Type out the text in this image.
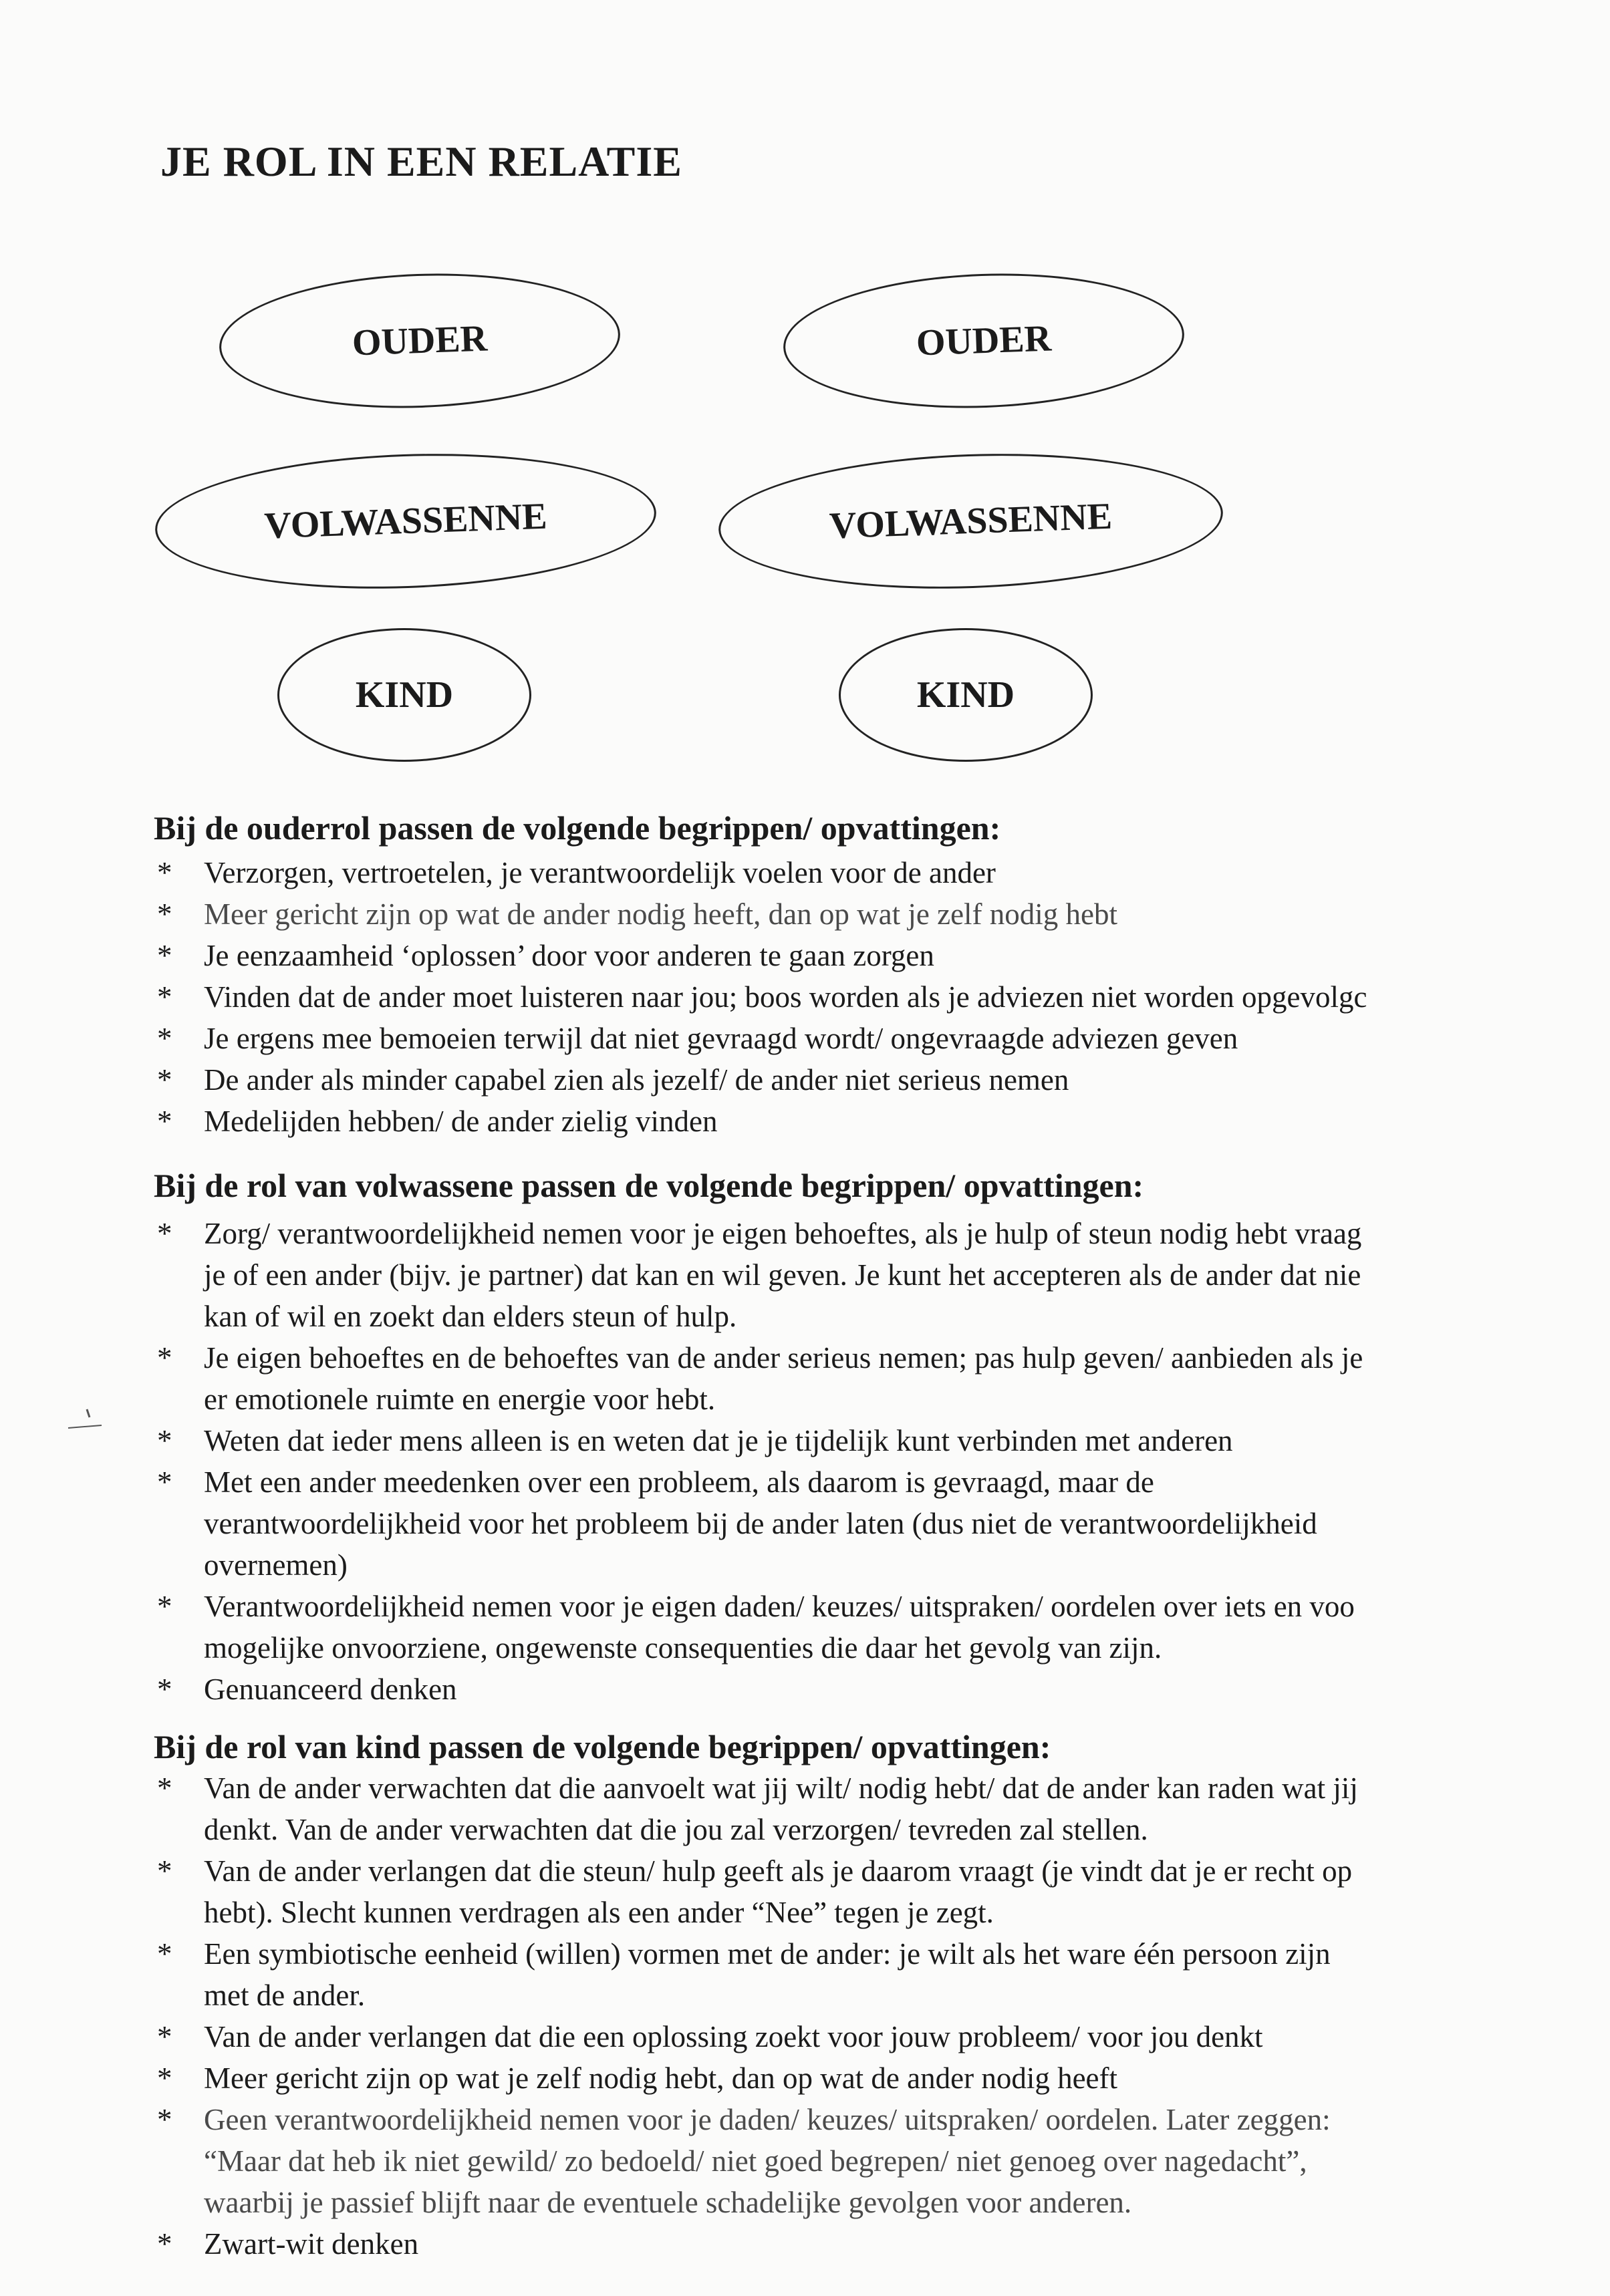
JE ROL IN EEN RELATIE
OUDER
VOLWASSENNE
KIND
OUDER
VOLWASSENNE
KIND
Bij de ouderrol passen de volgende begrippen/ opvattingen:
* Verzorgen, vertroetelen, je verantwoordelijk voelen voor de ander
* Meer gericht zijn op wat de ander nodig heeft, dan op wat je zelf nodig hebt
* Je eenzaamheid ‘oplossen’ door voor anderen te gaan zorgen
* Vinden dat de ander moet luisteren naar jou; boos worden als je adviezen niet worden opgevolgc
* Je ergens mee bemoeien terwijl dat niet gevraagd wordt/ ongevraagde adviezen geven
* De ander als minder capabel zien als jezelf/ de ander niet serieus nemen
* Medelijden hebben/ de ander zielig vinden
Bij de rol van volwassene passen de volgende begrippen/ opvattingen:
* Zorg/ verantwoordelijkheid nemen voor je eigen behoeftes, als je hulp of steun nodig hebt vraag
je of een ander (bijv. je partner) dat kan en wil geven. Je kunt het accepteren als de ander dat nie
kan of wil en zoekt dan elders steun of hulp.
* Je eigen behoeftes en de behoeftes van de ander serieus nemen; pas hulp geven/ aanbieden als je
er emotionele ruimte en energie voor hebt.
* Weten dat ieder mens alleen is en weten dat je je tijdelijk kunt verbinden met anderen
* Met een ander meedenken over een probleem, als daarom is gevraagd, maar de
verantwoordelijkheid voor het probleem bij de ander laten (dus niet de verantwoordelijkheid
overnemen)
* Verantwoordelijkheid nemen voor je eigen daden/ keuzes/ uitspraken/ oordelen over iets en voo
mogelijke onvoorziene, ongewenste consequenties die daar het gevolg van zijn.
* Genuanceerd denken
Bij de rol van kind passen de volgende begrippen/ opvattingen:
* Van de ander verwachten dat die aanvoelt wat jij wilt/ nodig hebt/ dat de ander kan raden wat jij
denkt. Van de ander verwachten dat die jou zal verzorgen/ tevreden zal stellen.
* Van de ander verlangen dat die steun/ hulp geeft als je daarom vraagt (je vindt dat je er recht op
hebt). Slecht kunnen verdragen als een ander “Nee” tegen je zegt.
* Een symbiotische eenheid (willen) vormen met de ander: je wilt als het ware één persoon zijn
met de ander.
* Van de ander verlangen dat die een oplossing zoekt voor jouw probleem/ voor jou denkt
* Meer gericht zijn op wat je zelf nodig hebt, dan op wat de ander nodig heeft
* Geen verantwoordelijkheid nemen voor je daden/ keuzes/ uitspraken/ oordelen. Later zeggen:
“Maar dat heb ik niet gewild/ zo bedoeld/ niet goed begrepen/ niet genoeg over nagedacht”,
waarbij je passief blijft naar de eventuele schadelijke gevolgen voor anderen.
* Zwart-wit denken
